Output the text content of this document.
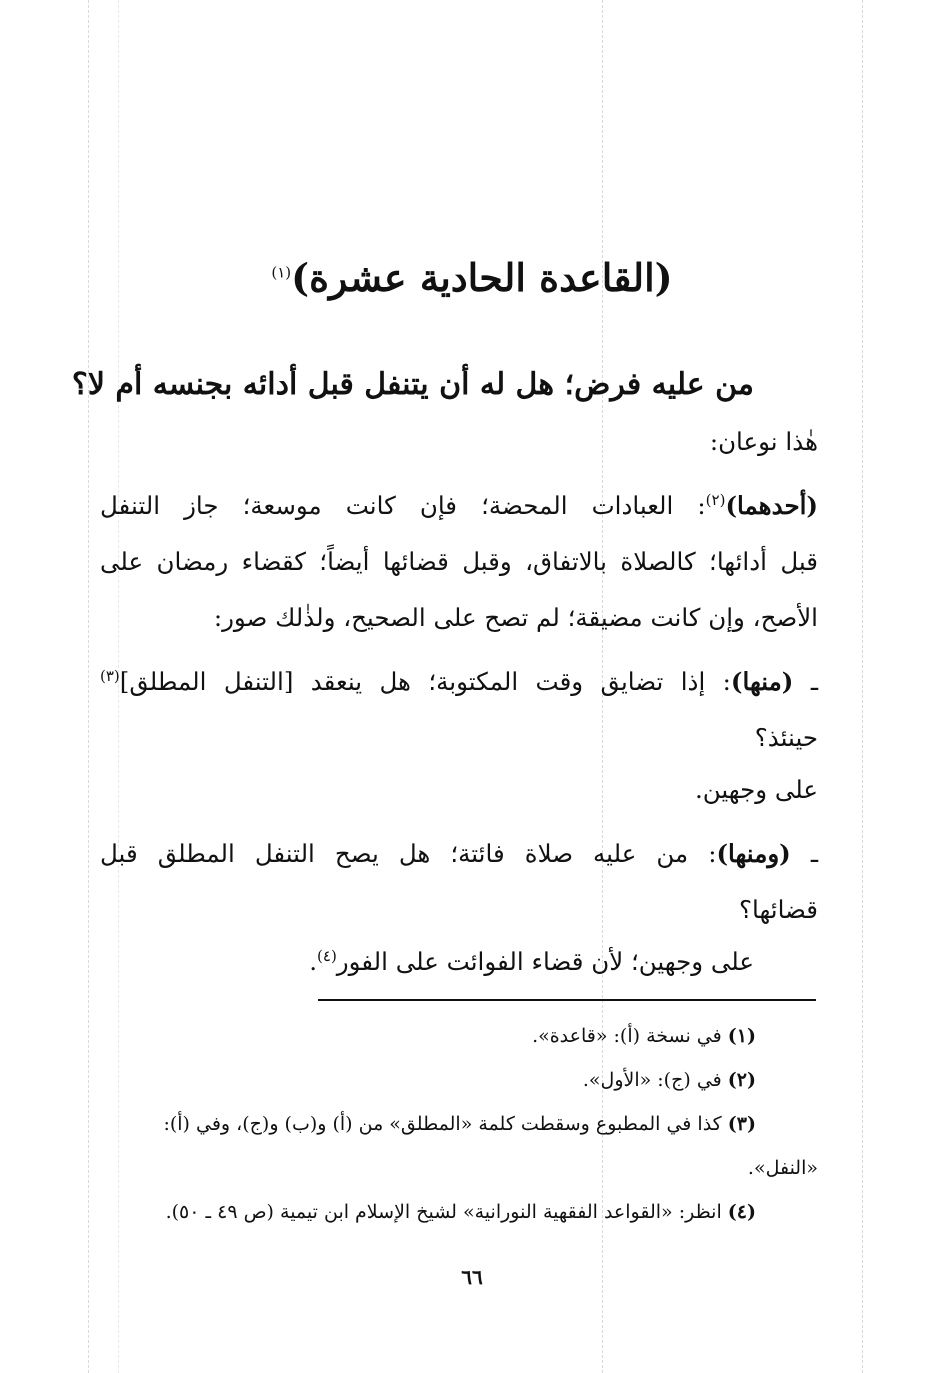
(القاعدة الحادية عشرة)$^{(١)}$
من عليه فرض؛ هل له أن يتنفل قبل أدائه بجنسه أم لا؟
هٰذا نوعان:
(أحدهما)$^{(٢)}$: العبادات المحضة؛ فإن كانت موسعة؛ جاز التنفل
قبل أدائها؛ كالصلاة بالاتفاق، وقبل قضائها أيضاً؛ كقضاء رمضان على
الأصح، وإن كانت مضيقة؛ لم تصح على الصحيح، ولذٰلك صور:
ـ (منها): إذا تضايق وقت المكتوبة؛ هل ينعقد [التنفل المطلق]$^{(٣)}$
حينئذ؟
على وجهين.
ـ (ومنها): من عليه صلاة فائتة؛ هل يصح التنفل المطلق قبل
قضائها؟
على وجهين؛ لأن قضاء الفوائت على الفور$^{(٤)}$.
(١) في نسخة (أ): «قاعدة».
(٢) في (ج): «الأول».
(٣) كذا في المطبوع وسقطت كلمة «المطلق» من (أ) و(ب) و(ج)، وفي (أ):
«النفل».
(٤) انظر: «القواعد الفقهية النورانية» لشيخ الإسلام ابن تيمية (ص ٤٩ ـ ٥٠).
٦٦
